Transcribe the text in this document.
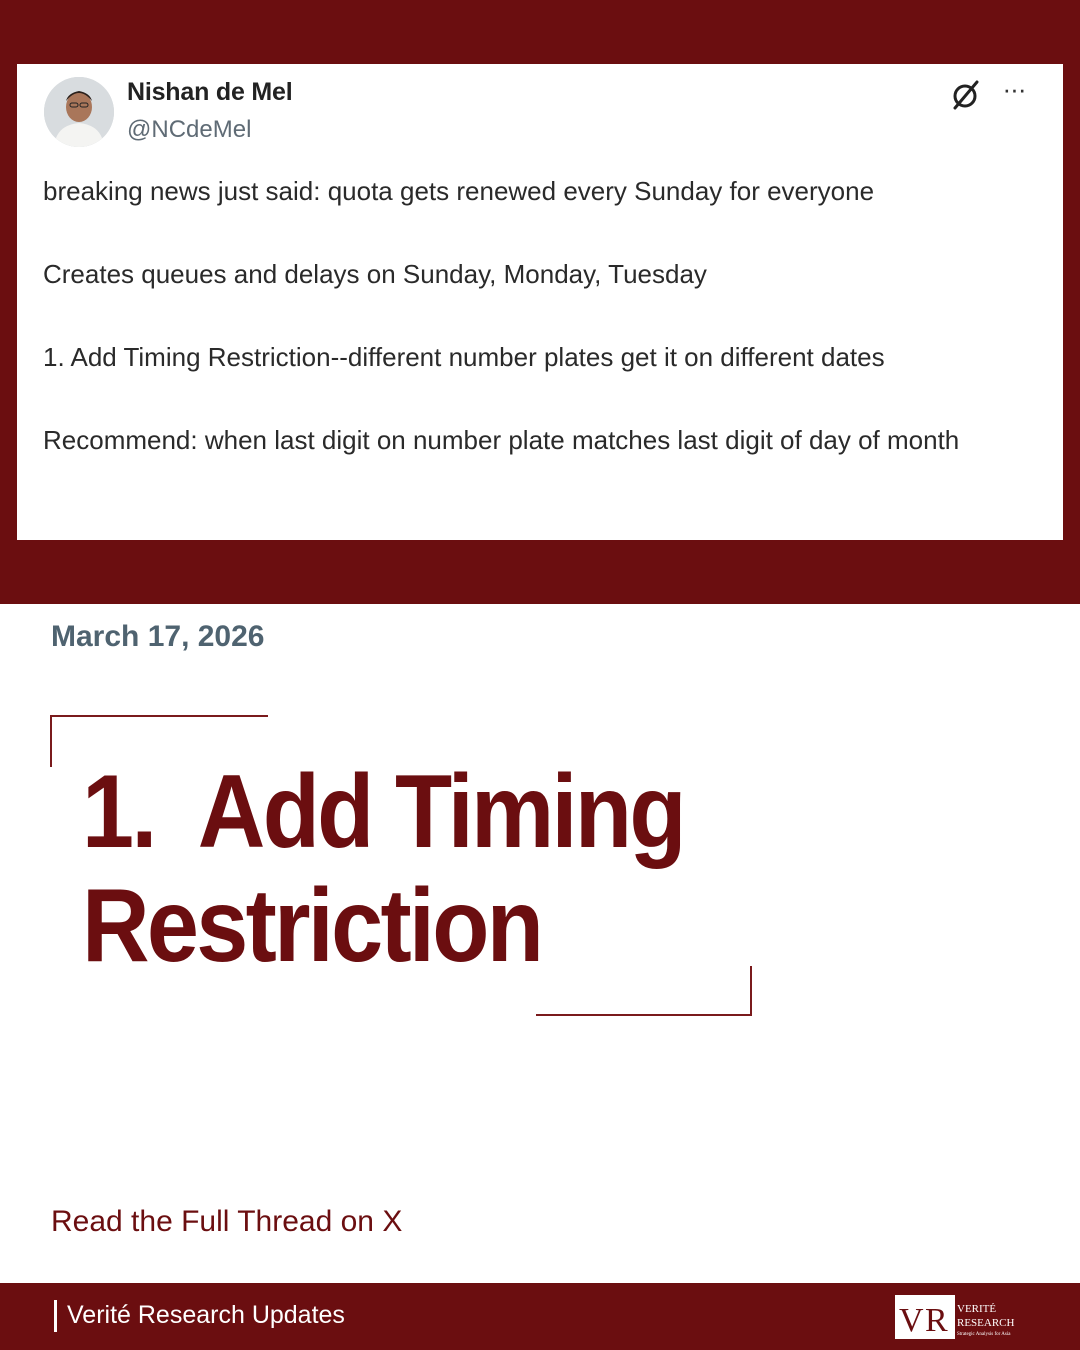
Nishan de Mel
@NCdeMel
···

breaking news just said: quota gets renewed every Sunday for everyone

Creates queues and delays on Sunday, Monday, Tuesday

1. Add Timing Restriction--different number plates get it on different dates

Recommend: when last digit on number plate matches last digit of day of month

March 17, 2026
1.  Add Timing
Restriction
Read the Full Thread on X
Verité Research Updates	V R VERITÉ
RESEARCH
Strategic Analysis for Asia
